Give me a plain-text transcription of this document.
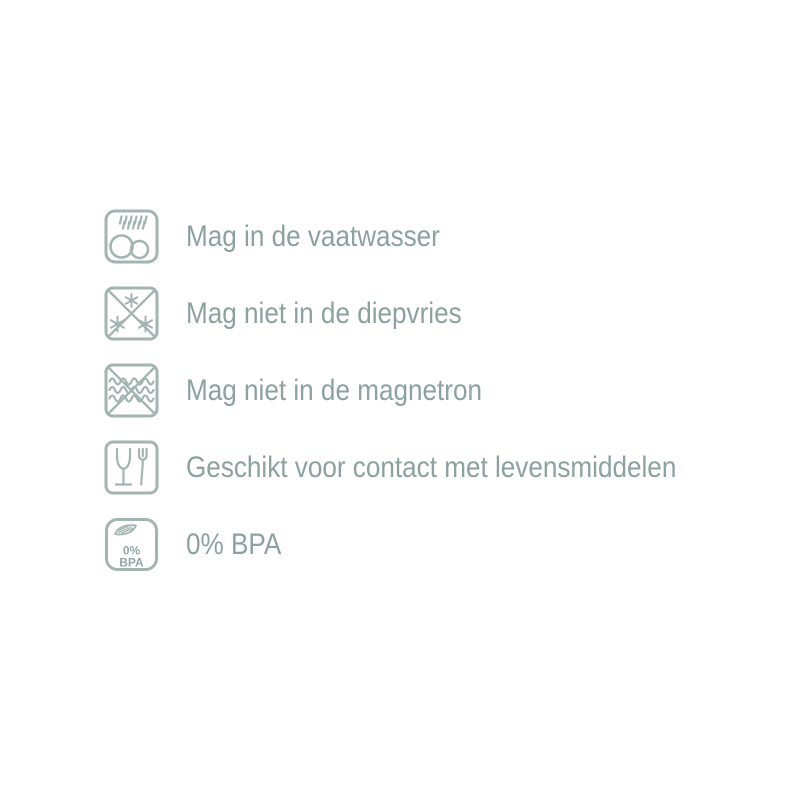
Mag in de vaatwasser
Mag niet in de diepvries
Mag niet in de magnetron
Geschikt voor contact met levensmiddelen
0%
BPA
0% BPA
